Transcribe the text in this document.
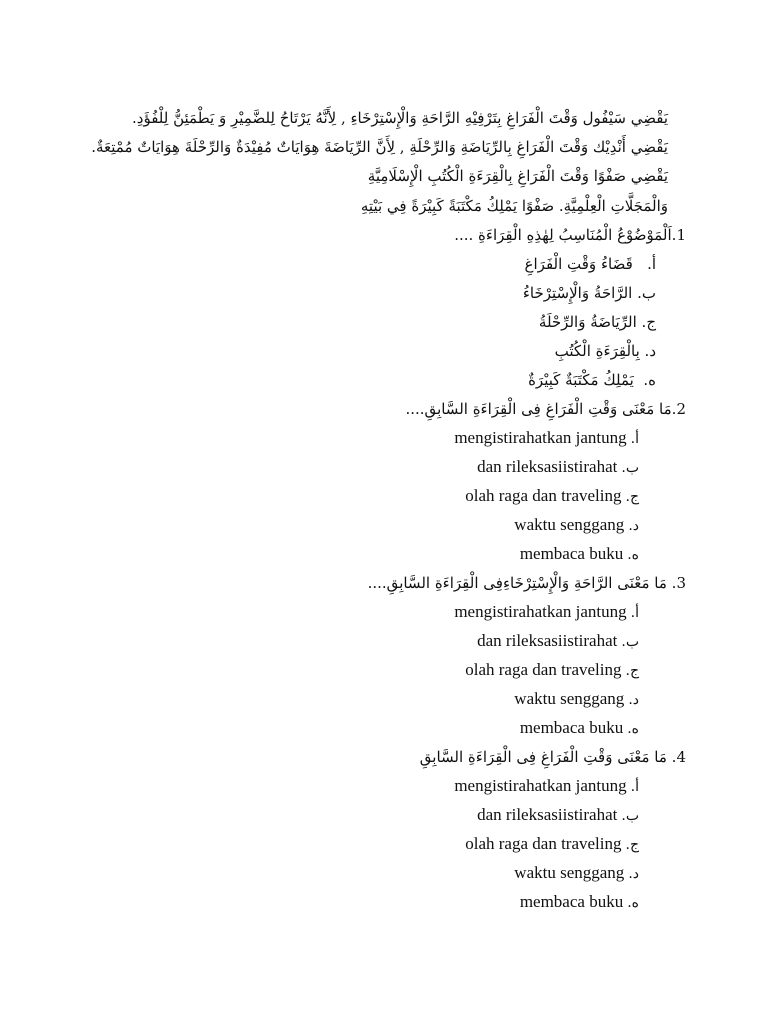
يَقْضِي سَيْفُول وَقْتَ الْفَرَاغِ بِتَرْفِيْهِ الرَّاحَةِ وَالْإِسْتِرْخَاءِ , لِأَنَّهُ يَرْتَاحُ لِلضَّمِيْرِ وَ يَطْمَئِنُّ لِلْفُؤَدِ.
يَقْضِي أَنْدِيْك وَقْتَ الْفَرَاغِ بِالرِّيَاضَةِ وَالرِّحْلَةِ , لِأَنَّ الرِّيَاضَةَ هِوَايَاتٌ مُفِيْدَةٌ وَالرِّحْلَةَ هِوَايَاتٌ مُمْتِعَةٌ.
يَقْضِي صَفْوًا وَقْتَ الْفَرَاغِ بِالْقِرَءَةِ الْكُتُبِ الْإِسْلَامِيَّةِ
وَالْمَجَلَّاتِ الْعِلْمِيَّةِ. صَفْوًا يَمْلِكُ مَكْتَبَةً كَبِيْرَةً فِي بَيْتِهِ
1.اَلْمَوْضُوْعُ الْمُنَاسِبُ لِهٰذِهِ الْقِرَاءَةِ ....
أ.   قَضَاءُ وَقْتِ الْفَرَاغِ
ب. الرَّاحَةُ وَالْإِسْتِرْخَاءُ
ج. الرِّيَاضَةُ وَالرِّحْلَةُ
د. بِالْقِرَءَةِ الْكُتُبِ
ه.  يَمْلِكُ مَكْتَبَةٌ كَبِيْرَةٌ
2.مَا مَعْنَى وَقْتِ الْفَرَاغِ فِى الْقِرَاءَةِ السَّابِقِ....
mengistirahatkan jantung .أ
dan rileksasiistirahat .ب
olah raga dan traveling .ج
waktu senggang .د
membaca buku .ه
3. مَا مَعْنَى الرَّاحَةِ وَالْإِسْتِرْخَاءِفِى الْقِرَاءَةِ السَّابِقِ....
mengistirahatkan jantung .أ
dan rileksasiistirahat .ب
olah raga dan traveling .ج
waktu senggang .د
membaca buku .ه
4. مَا مَعْنَى وَقْتِ الْفَرَاغِ فِى الْقِرَاءَةِ السَّابِقِ
mengistirahatkan jantung .أ
dan rileksasiistirahat .ب
olah raga dan traveling .ج
waktu senggang .د
membaca buku .ه
